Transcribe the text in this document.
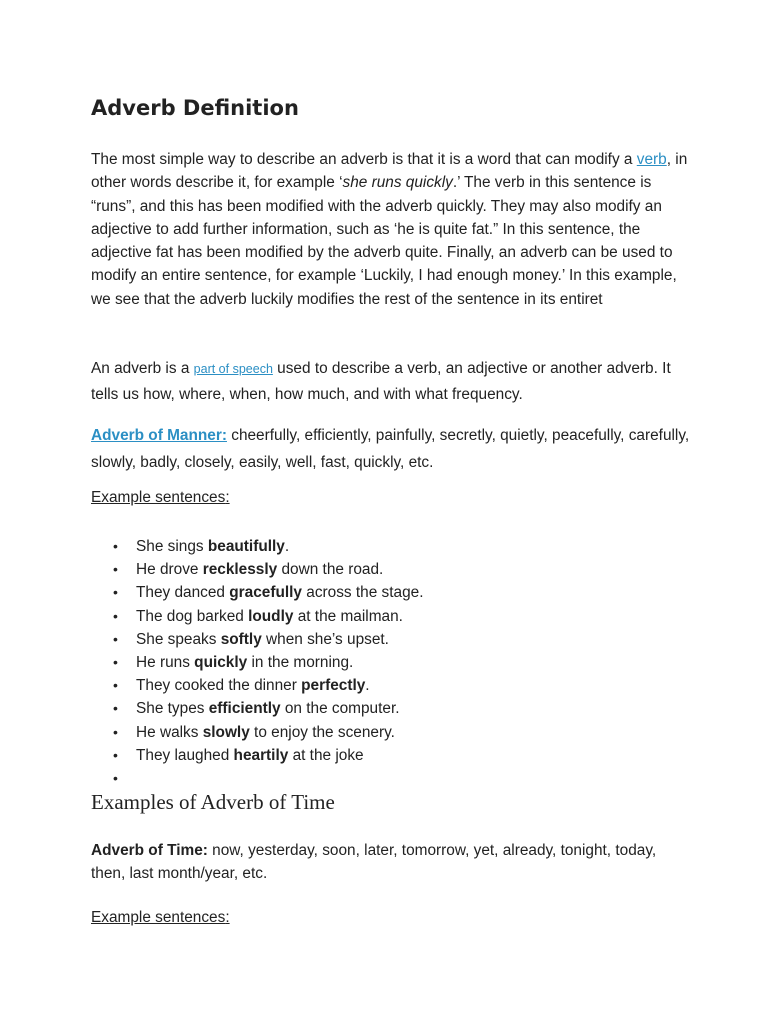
Adverb Definition

The most simple way to describe an adverb is that it is a word that can modify a verb, in other words describe it, for example ‘she runs quickly.’ The verb in this sentence is “runs”, and this has been modified with the adverb quickly. They may also modify an adjective to add further information, such as ‘he is quite fat.” In this sentence, the adjective fat has been modified by the adverb quite. Finally, an adverb can be used to modify an entire sentence, for example ‘Luckily, I had enough money.’ In this example, we see that the adverb luckily modifies the rest of the sentence in its entiret

An adverb is a part of speech used to describe a verb, an adjective or another adverb. It tells us how, where, when, how much, and with what frequency.

Adverb of Manner: cheerfully, efficiently, painfully, secretly, quietly, peacefully, carefully, slowly, badly, closely, easily, well, fast, quickly, etc.

Example sentences:

• She sings beautifully.
• He drove recklessly down the road.
• They danced gracefully across the stage.
• The dog barked loudly at the mailman.
• She speaks softly when she’s upset.
• He runs quickly in the morning.
• They cooked the dinner perfectly.
• She types efficiently on the computer.
• He walks slowly to enjoy the scenery.
• They laughed heartily at the joke
•
Examples of Adverb of Time

Adverb of Time: now, yesterday, soon, later, tomorrow, yet, already, tonight, today, then, last month/year, etc.

Example sentences:
